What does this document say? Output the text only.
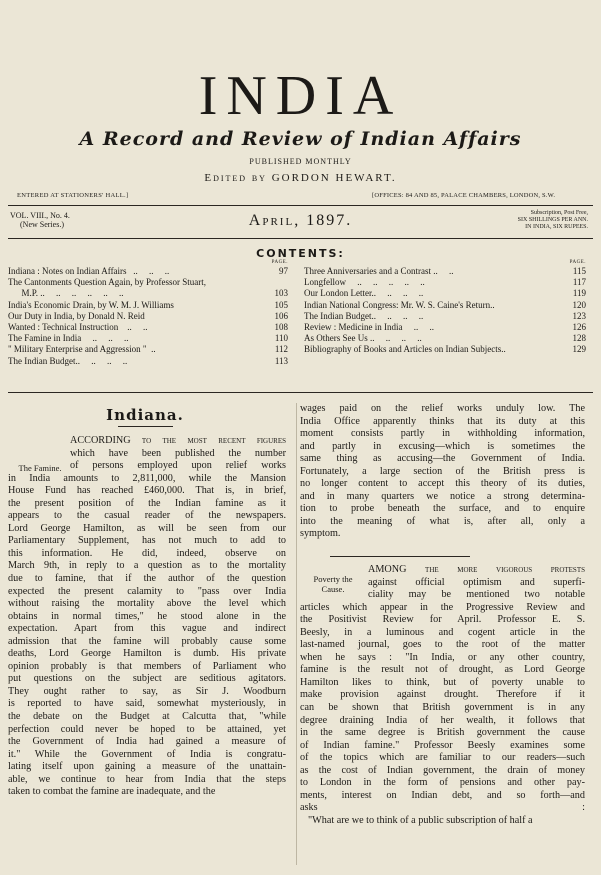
INDIA
A Record and Review of Indian Affairs
PUBLISHED MONTHLY
Edited by GORDON HEWART.
ENTERED AT STATIONERS' HALL.]	[OFFICES: 84 AND 85, PALACE CHAMBERS, LONDON, S.W.
VOL. VIII., No. 4.
(New Series.)	April, 1897.	Subscription, Post Free,
SIX SHILLINGS PER ANN.
IN INDIA, SIX RUPEES.
CONTENTS:
PAGE.
Indiana : Notes on Indian Affairs   ..     ..     ..	97
The Cantonments Question Again, by Professor Stuart,
M.P. ..     ..     ..     ..     ..     ..	103
India's Economic Drain, by W. M. J. Williams	105
Our Duty in India, by Donald N. Reid	106
Wanted : Technical Instruction    ..     ..	108
The Famine in India     ..     ..     ..	110
" Military Enterprise and Aggression "  ..	112
The Indian Budget..     ..     ..     ..	113
PAGE.
Three Anniversaries and a Contrast ..     ..	115
Longfellow     ..     ..     ..     ..     ..	117
Our London Letter..     ..     ..     ..	119
Indian National Congress: Mr. W. S. Caine's Return..	120
The Indian Budget..     ..     ..     ..	123
Review : Medicine in India     ..     ..	126
As Others See Us ..     ..     ..     ..	128
Bibliography of Books and Articles on Indian Subjects..	129
Indiana.
The Famine.
ACCORDING to the most recent figures
which have been published the number
of persons employed upon relief works
in India amounts to 2,811,000, while the Mansion
House Fund has reached £460,000. That is, in brief,
the present position of the Indian famine as it
appears to the casual reader of the newspapers.
Lord George Hamilton, as will be seen from our
Parliamentary Supplement, has not much to add to
this information. He did, indeed, observe on
March 9th, in reply to a question as to the mortality
due to famine, that if the author of the question
expected the present calamity to "pass over India
without raising the mortality above the level which
obtains in normal times," he stood alone in the
expectation. Apart from this vague and indirect
admission that the famine will probably cause some
deaths, Lord George Hamilton is dumb. His private
opinion probably is that members of Parliament who
put questions on the subject are seditious agitators.
They ought rather to say, as Sir J. Woodburn
is reported to have said, somewhat mysteriously, in
the debate on the Budget at Calcutta that, "while
perfection could never be hoped to be attained, yet
the Government of India had gained a measure of
it." While the Government of India is congratu-
lating itself upon gaining a measure of the unattain-
able, we continue to hear from India that the steps
taken to combat the famine are inadequate, and the
wages paid on the relief works unduly low. The
India Office apparently thinks that its duty at this
moment consists partly in withholding information,
and partly in excusing—which is sometimes the
same thing as accusing—the Government of India.
Fortunately, a large section of the British press is
no longer content to accept this theory of its duties,
and in many quarters we notice a strong determina-
tion to probe beneath the surface, and to enquire
into the meaning of what is, after all, only a
symptom.
Poverty the
Cause.
AMONG the more vigorous protests
against official optimism and superfi-
ciality may be mentioned two notable
articles which appear in the Progressive Review and
the Positivist Review for April. Professor E. S.
Beesly, in a luminous and cogent article in the
last-named journal, goes to the root of the matter
when he says : "In India, or any other country,
famine is the result not of drought, as Lord George
Hamilton likes to think, but of poverty unable to
make provision against drought. Therefore if it
can be shown that British government is in any
degree draining India of her wealth, it follows that
in the same degree is British government the cause
of Indian famine." Professor Beesly examines some
of the topics which are familiar to our readers—such
as the cost of Indian government, the drain of money
to London in the form of pensions and other pay-
ments, interest on Indian debt, and so forth—and
asks :
"What are we to think of a public subscription of half a
